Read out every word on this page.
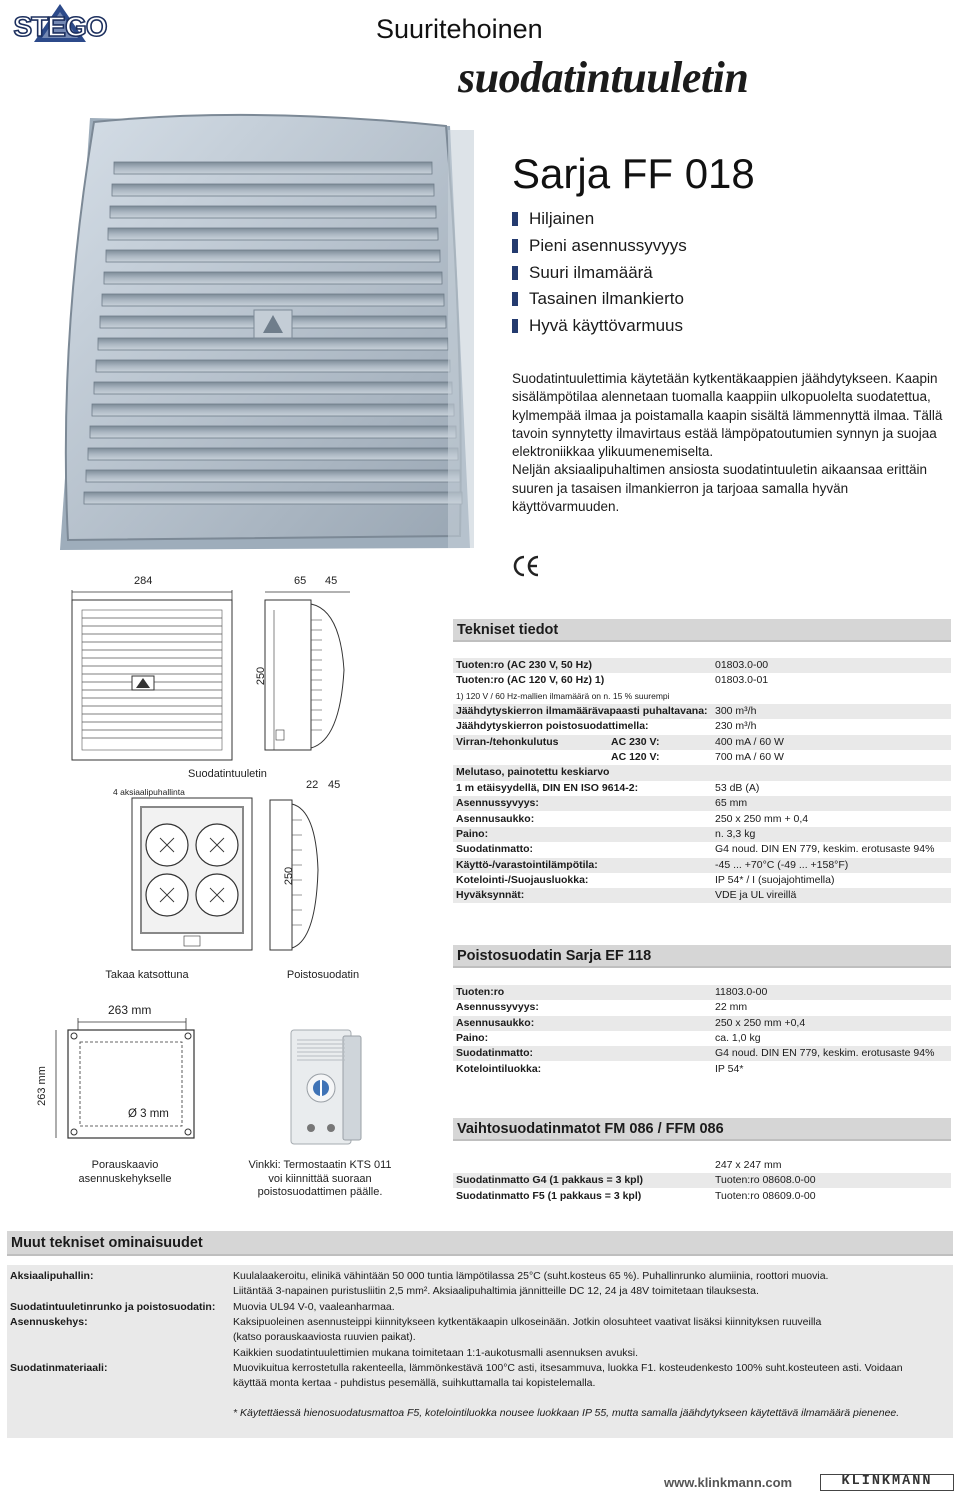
STEGO	Suuritehoinen
suodatintuuletin
Sarja FF 018
Hiljainen
Pieni asennussyvyys
Suuri ilmamäärä
Tasainen ilmankierto
Hyvä käyttövarmuus

Suodatintuulettimia käytetään kytkentäkaappien jäähdytykseen. Kaapin sisälämpötilaa alennetaan tuomalla kaappiin ulkopuolelta suodatettua, kylmempää ilmaa ja poistamalla kaapin sisältä lämmennyttä ilmaa. Tällä tavoin synnytetty ilmavirtaus estää lämpöpatoutumien synnyn ja suojaa elektroniikkaa ylikuumenemiselta.

Neljän aksiaalipuhaltimen ansiosta suodatintuuletin aikaansaa erittäin suuren ja tasaisen ilmankierron ja tarjoaa samalla hyvän käyttövarmuuden.

284	65 45
250
4 aksiaalipuhallinta
Suodatintuuletin
22 45
250
Takaa katsottuna	Poistosuodatin
263 mm
263 mm
Ø 3 mm
Porauskaavio
asennuskehykselle
Vinkki: Termostaatin KTS 011
voi kiinnittää suoraan
poistosuodattimen päälle.
Tekniset tiedot
Tuoten:ro (AC 230 V, 50 Hz)	01803.0-00
Tuoten:ro (AC 120 V, 60 Hz) 1)	01803.0-01
1) 120 V / 60 Hz-mallien ilmamäärä on n. 15 % suurempi
Jäähdytyskierron ilmamäärävapaasti puhaltavana: 300 m³/h
Jäähdytyskierron poistosuodattimella:	230 m³/h
Virran-/tehonkulutus	AC 230 V:	400 mA / 60 W
AC 120 V:	700 mA / 60 W
Melutaso, painotettu keskiarvo
1 m etäisyydellä, DIN EN ISO 9614-2:	53 dB (A)
Asennussyvyys:	65 mm
Asennusaukko:	250 x 250 mm + 0,4
Paino:	n. 3,3 kg
Suodatinmatto:	G4 noud. DIN EN 779, keskim. erotusaste 94%
Käyttö-/varastointilämpötila:	-45 ... +70°C (-49 ... +158°F)
Kotelointi-/Suojausluokka:	IP 54* / I (suojajohtimella)
Hyväksynnät:	VDE ja UL vireillä
Poistosuodatin Sarja EF 118
Tuoten:ro	11803.0-00
Asennussyvyys:	22 mm
Asennusaukko:	250 x 250 mm +0,4
Paino:	ca. 1,0 kg
Suodatinmatto:	G4 noud. DIN EN 779, keskim. erotusaste 94%
Kotelointiluokka:	IP 54*
Vaihtosuodatinmatot FM 086 / FFM 086
247 x 247 mm
Suodatinmatto G4 (1 pakkaus = 3 kpl)	Tuoten:ro 08608.0-00
Suodatinmatto F5 (1 pakkaus = 3 kpl)	Tuoten:ro 08609.0-00
Muut tekniset ominaisuudet
Aksiaalipuhallin:	Kuulalaakeroitu, elinikä vähintään 50 000 tuntia lämpötilassa 25°C (suht.kosteus 65 %). Puhallinrunko alumiinia, roottori muovia.
Liitäntää 3-napainen puristusliitin 2,5 mm². Aksiaalipuhaltimia jännitteille DC 12, 24 ja 48V toimitetaan tilauksesta.
Suodatintuuletinrunko ja poistosuodatin: Muovia UL94 V-0, vaaleanharmaa.
Asennuskehys:	Kaksipuoleinen asennusteippi kiinnitykseen kytkentäkaapin ulkoseinään. Jotkin olosuhteet vaativat lisäksi kiinnityksen ruuveilla
(katso porauskaaviosta ruuvien paikat).
Kaikkien suodatintuulettimien mukana toimitetaan 1:1-aukotusmalli asennuksen avuksi.
Suodatinmateriaali:	Muovikuitua kerrostetulla rakenteella, lämmönkestävä 100°C asti, itsesammuva, luokka F1. kosteudenkesto 100% suht.kosteuteen asti. Voidaan
käyttää monta kertaa - puhdistus pesemällä, suihkuttamalla tai kopistelemalla.
* Käytettäessä hienosuodatusmattoa F5, kotelointiluokka nousee luokkaan IP 55, mutta samalla jäähdytykseen käytettävä ilmamäärä pienenee.
www.klinkmann.com	KLINKMANN
